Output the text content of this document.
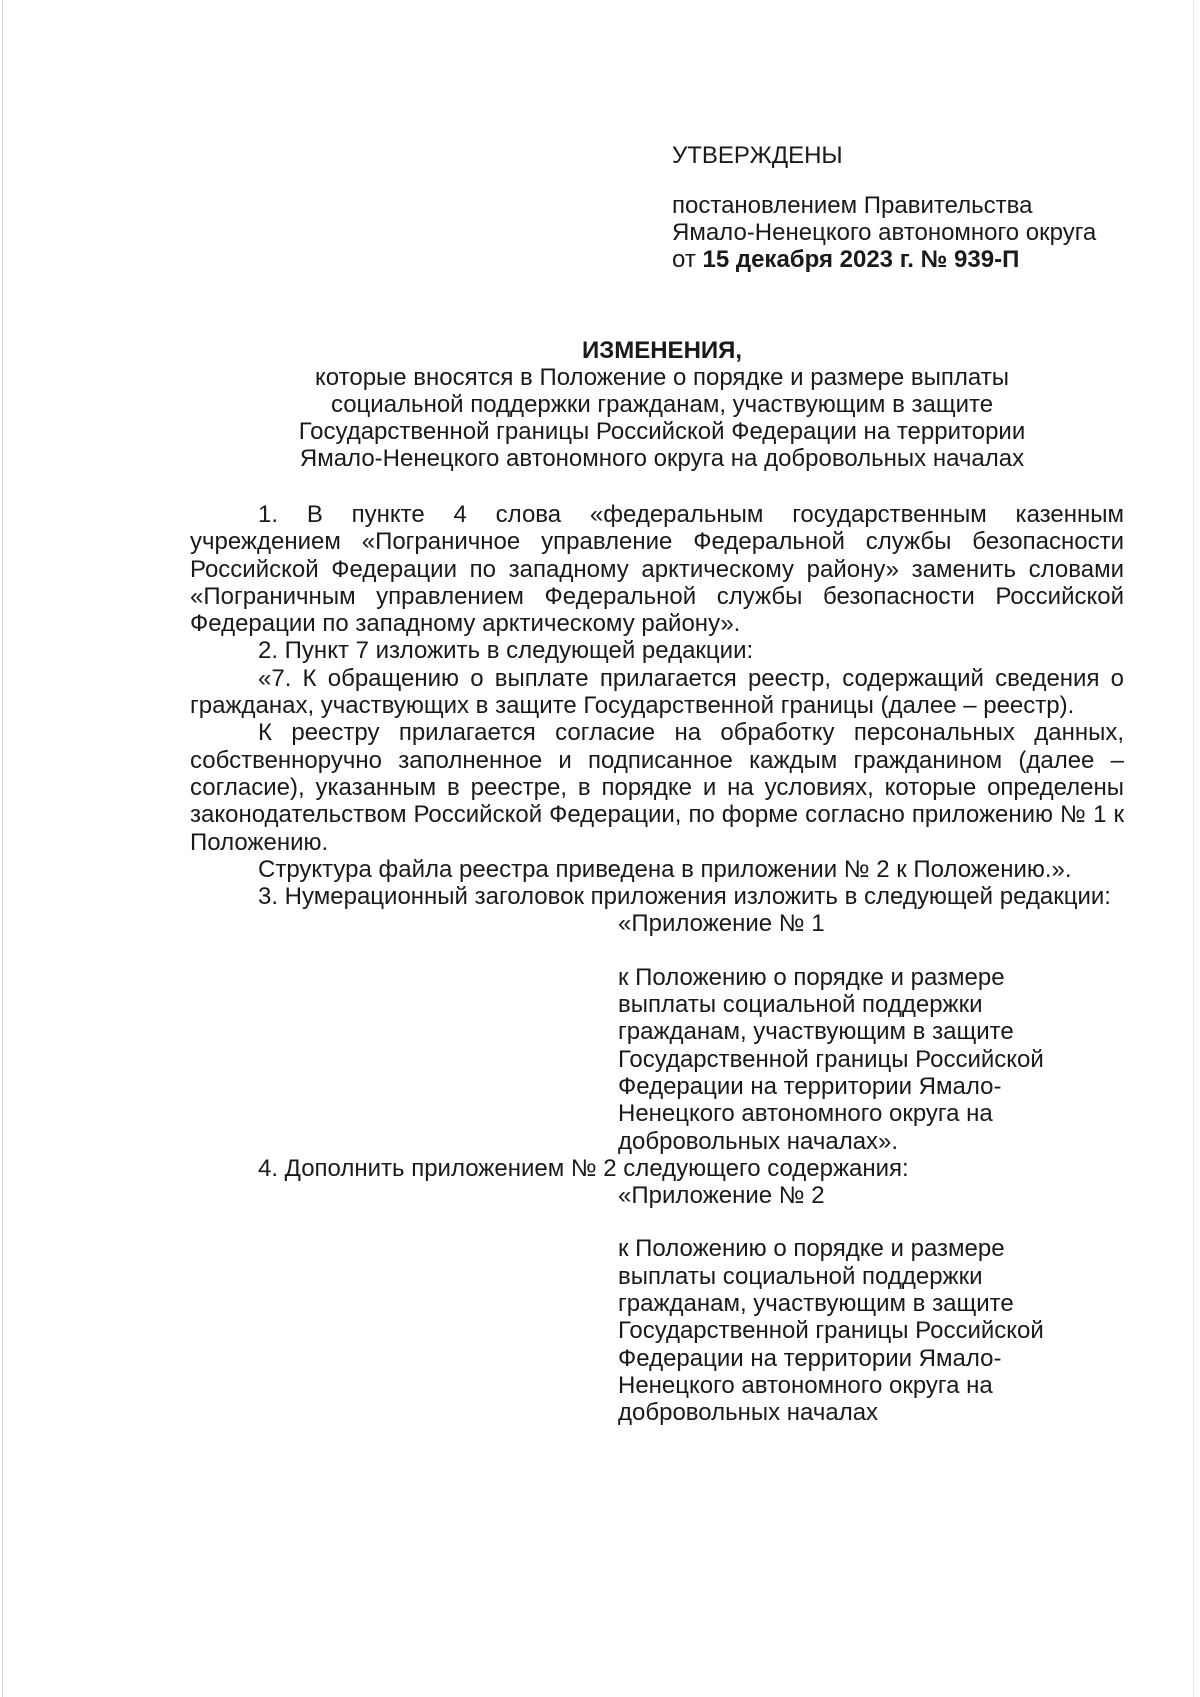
УТВЕРЖДЕНЫ
постановлением Правительства
Ямало-Ненецкого автономного округа
от 15 декабря 2023 г. № 939-П
ИЗМЕНЕНИЯ,
которые вносятся в Положение о порядке и размере выплаты
социальной поддержки гражданам, участвующим в защите
Государственной границы Российской Федерации на территории
Ямало-Ненецкого автономного округа на добровольных началах

1. В пункте 4 слова «федеральным государственным казенным учреждением «Пограничное управление Федеральной службы безопасности Российской Федерации по западному арктическому району» заменить словами «Пограничным управлением Федеральной службы безопасности Российской Федерации по западному арктическому району».

2. Пункт 7 изложить в следующей редакции:

«7. К обращению о выплате прилагается реестр, содержащий сведения о гражданах, участвующих в защите Государственной границы (далее – реестр).

К реестру прилагается согласие на обработку персональных данных, собственноручно заполненное и подписанное каждым гражданином (далее – согласие), указанным в реестре, в порядке и на условиях, которые определены законодательством Российской Федерации, по форме согласно приложению № 1 к Положению.

Структура файла реестра приведена в приложении № 2 к Положению.».

3. Нумерационный заголовок приложения изложить в следующей редакции:

«Приложение № 1
к Положению о порядке и размере
выплаты социальной поддержки
гражданам, участвующим в защите
Государственной границы Российской
Федерации на территории Ямало-
Ненецкого автономного округа на
добровольных началах».

4. Дополнить приложением № 2 следующего содержания:

«Приложение № 2
к Положению о порядке и размере
выплаты социальной поддержки
гражданам, участвующим в защите
Государственной границы Российской
Федерации на территории Ямало-
Ненецкого автономного округа на
добровольных началах
